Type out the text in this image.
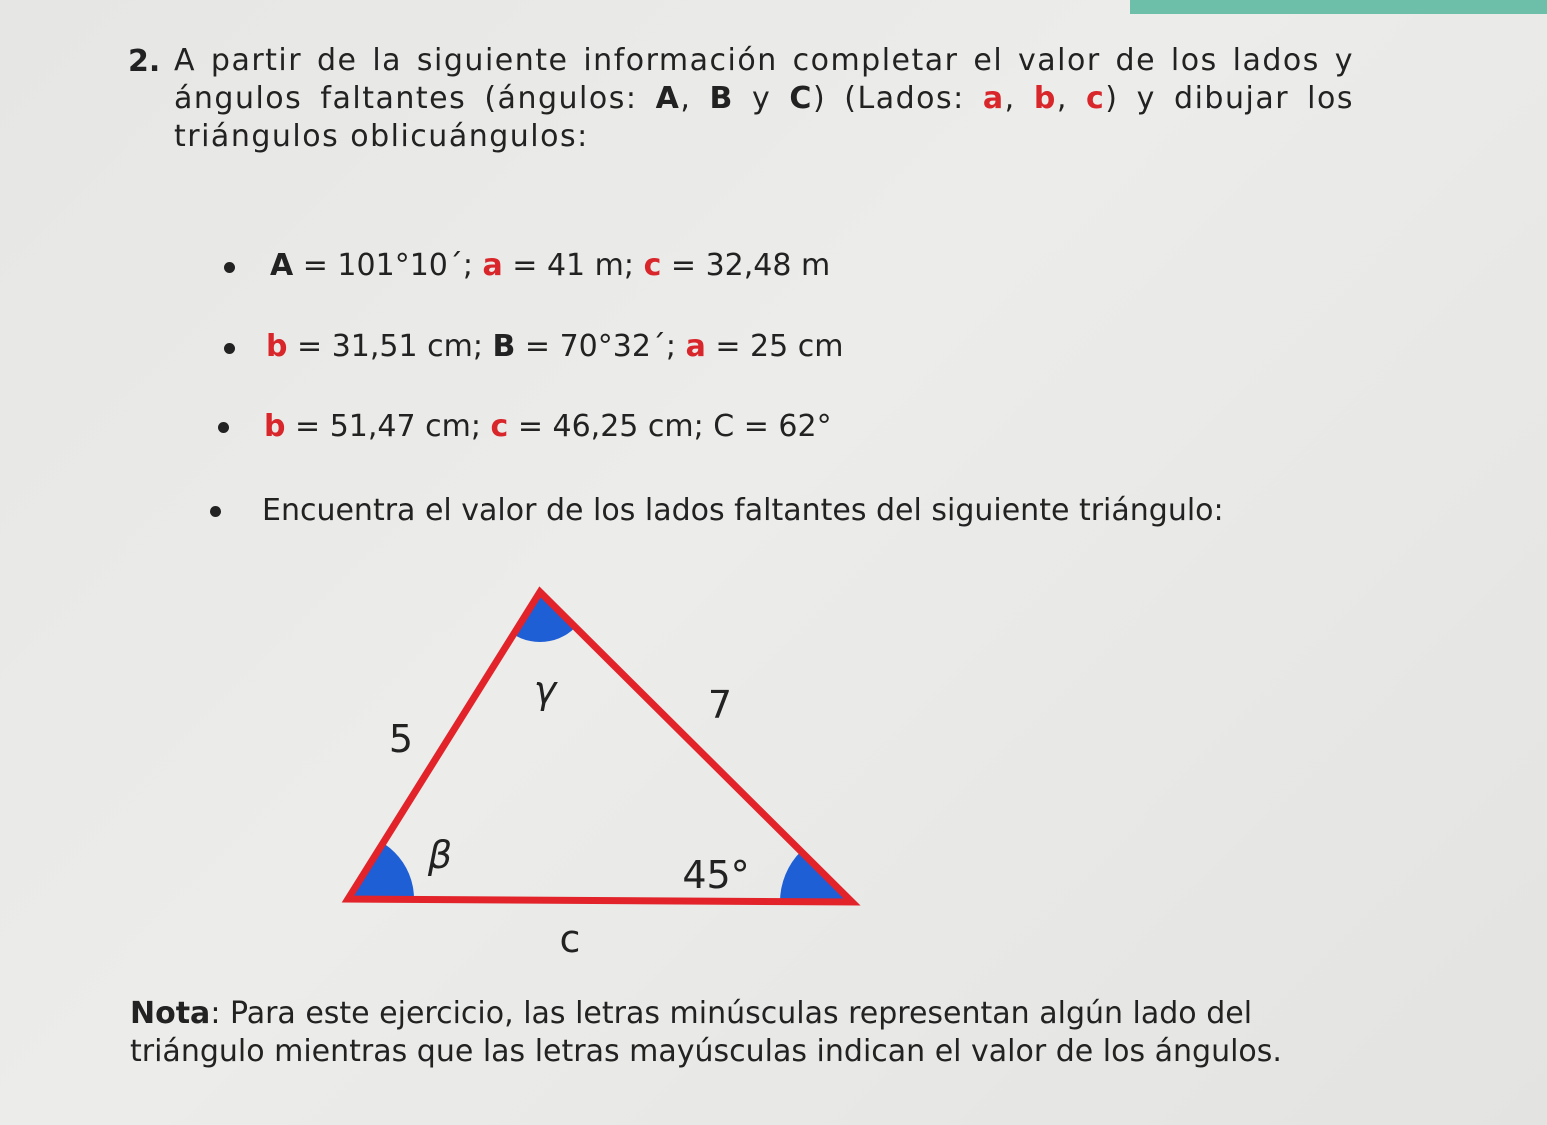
2. A partir de la siguiente información completar el valor de los lados y ángulos faltantes (ángulos: A, B y C) (Lados: a, b, c) y dibujar los triángulos oblicuángulos:
A = 101°10´; a = 41 m; c = 32,48 m
b = 31,51 cm; B = 70°32´; a = 25 cm
b = 51,47 cm; c = 46,25 cm; C = 62°
Encuentra el valor de los lados faltantes del siguiente triángulo:
5
7
c
γ
β	45°
Nota: Para este ejercicio, las letras minúsculas representan algún lado del triángulo mientras que las letras mayúsculas indican el valor de los ángulos.
